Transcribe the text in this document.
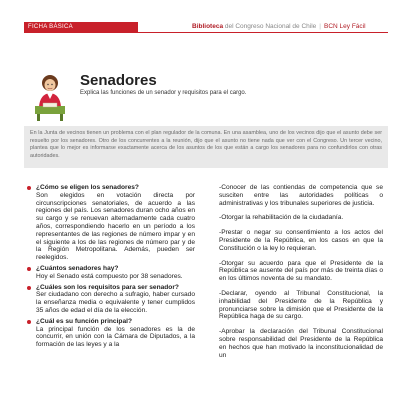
FICHA BÁSICA	Biblioteca del Congreso Nacional de Chile | BCN Ley Fácil
Senadores
Explica las funciones de un senador y requisitos para el cargo.
En la Junta de vecinos tienen un problema con el plan regulador de la comuna. En una asamblea, uno de los vecinos dijo que el asunto debe ser resuelto por los senadores. Otro de los concurrentes a la reunión, dijo que el asunto no tiene nada que ver con el Congreso. Un tercer vecino, plantea que lo mejor es informarse exactamente acerca de los asuntos de los que están a cargo los senadores para no confundirlos con otras autoridades.
¿Cómo se eligen los senadores?
Son elegidos en votación directa por circunscripciones senatoriales, de acuerdo a las regiones del país. Los senadores duran ocho años en su cargo y se renuevan alternadamente cada cuatro años, correspondiendo hacerlo en un período a los representantes de las regiones de número impar y en el siguiente a los de las regiones de número par y de la Región Metropolitana. Además, pueden ser reelegidos.
¿Cuántos senadores hay?
Hoy el Senado está compuesto por 38 senadores.
¿Cuáles son los requisitos para ser senador?
Ser ciudadano con derecho a sufragio, haber cursado la enseñanza media o equivalente y tener cumplidos 35 años de edad el día de la elección.
¿Cuál es su función principal?
La principal función de los senadores es la de concurrir, en unión con la Cámara de Diputados, a la formación de las leyes y a la
-Conocer de las contiendas de competencia que se susciten entre las autoridades políticas o administrativas y los tribunales superiores de justicia.
-Otorgar la rehabilitación de la ciudadanía.
-Prestar o negar su consentimiento a los actos del Presidente de la República, en los casos en que la Constitución o la ley lo requieran.
-Otorgar su acuerdo para que el Presidente de la República se ausente del país por más de treinta días o en los últimos noventa de su mandato.
-Declarar, oyendo al Tribunal Constitucional, la inhabilidad del Presidente de la República y pronunciarse sobre la dimisión que el Presidente de la República haga de su cargo.
-Aprobar la declaración del Tribunal Constitucional sobre responsabilidad del Presidente de la República en hechos que han motivado la inconstitucionalidad de un
